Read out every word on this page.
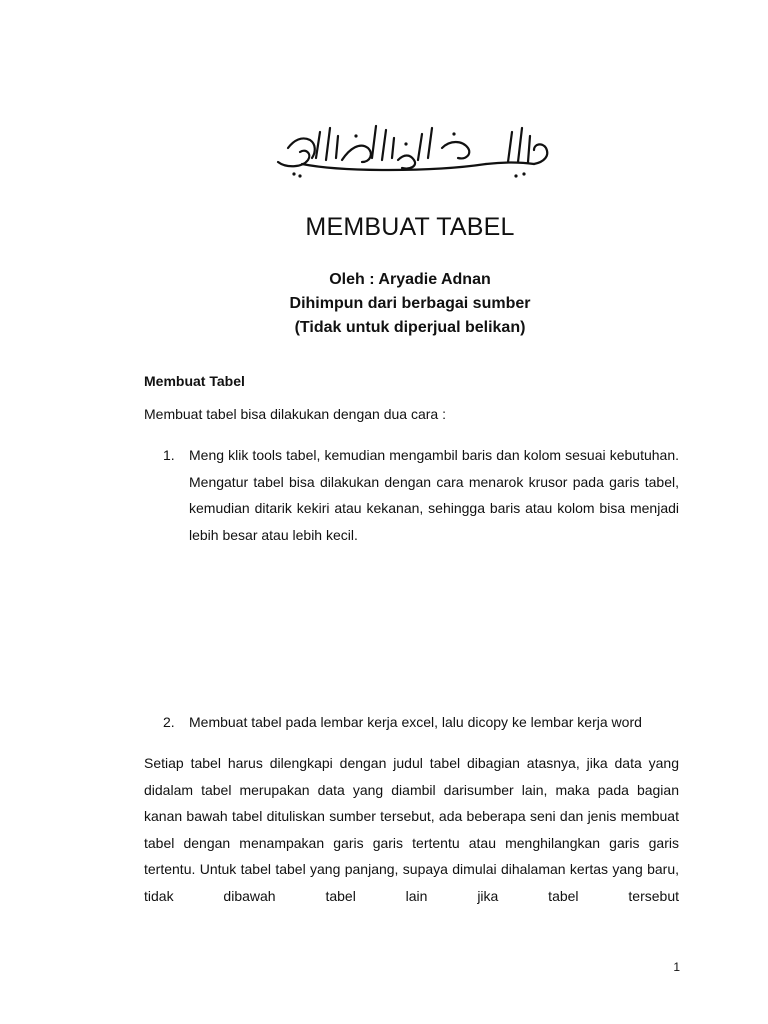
MEMBUAT TABEL
Oleh : Aryadie Adnan
Dihimpun dari berbagai sumber
(Tidak untuk diperjual belikan)
Membuat Tabel
Membuat tabel bisa dilakukan dengan dua cara :
1. Meng klik tools tabel, kemudian mengambil baris dan kolom sesuai kebutuhan. Mengatur tabel bisa dilakukan dengan cara menarok krusor pada garis tabel, kemudian ditarik kekiri atau kekanan, sehingga baris atau kolom bisa menjadi lebih besar atau lebih kecil.
2. Membuat tabel pada lembar kerja excel, lalu dicopy ke lembar kerja word
Setiap tabel harus dilengkapi dengan judul tabel dibagian atasnya, jika data yang didalam tabel merupakan data yang diambil darisumber lain, maka pada bagian kanan bawah tabel dituliskan sumber tersebut, ada beberapa seni dan jenis membuat tabel dengan menampakan garis garis tertentu atau menghilangkan garis garis tertentu. Untuk tabel tabel yang panjang, supaya dimulai dihalaman kertas yang baru, tidak dibawah tabel lain jika tabel tersebut
1
